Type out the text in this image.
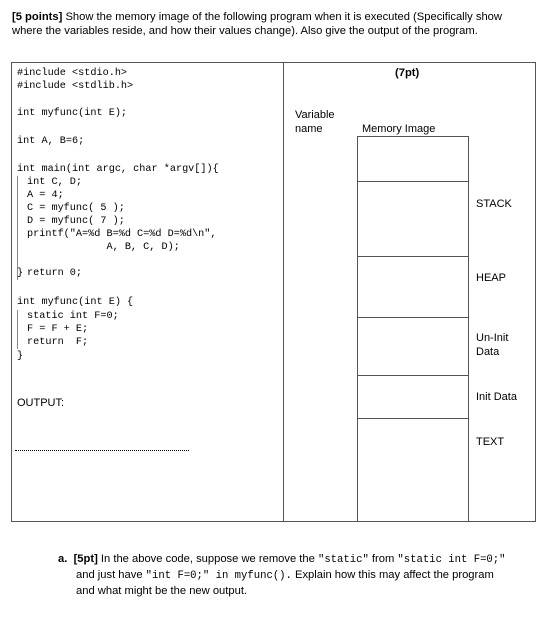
[5 points] Show the memory image of the following program when it is executed (Specifically show where the variables reside, and how their values change). Also give the output of the program.
#include <stdio.h>
#include <stdlib.h>
int myfunc(int E);
int A, B=6;
int main(int argc, char *argv[]){
int C, D;
A = 4;
C = myfunc( 5 );
D = myfunc( 7 );
printf("A=%d B=%d C=%d D=%d\n",
A, B, C, D);

return 0;
}
int myfunc(int E) {
static int F=0;
F = F + E;
return  F;
}
OUTPUT:
(7pt)
Variable
name	Memory Image
STACK
HEAP
Un-Init
Data
Init Data
TEXT
a. [5pt] In the above code, suppose we remove the "static" from "static int F=0;"
and just have "int F=0;" in myfunc(). Explain how this may affect the program
and what might be the new output.
